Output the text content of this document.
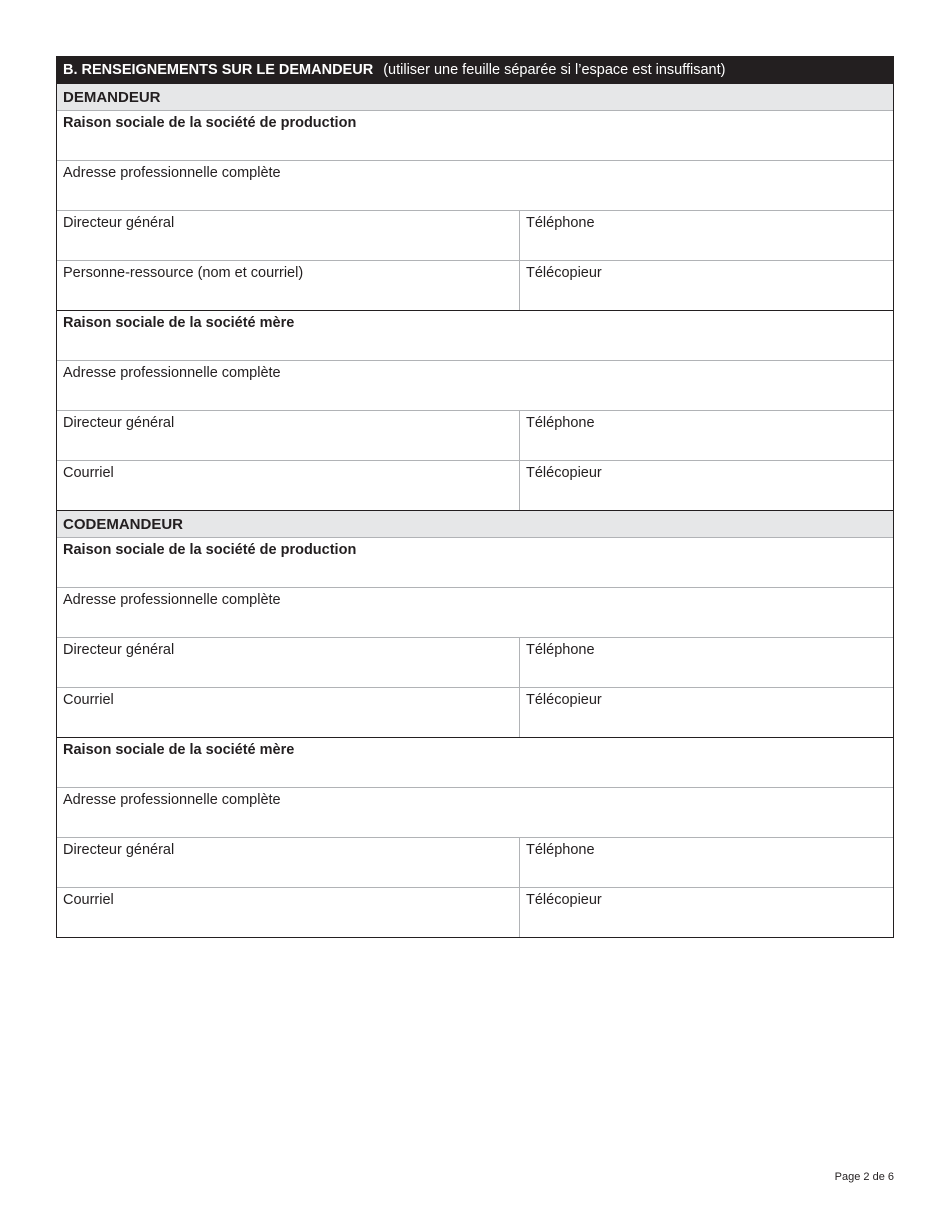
B. RENSEIGNEMENTS SUR LE DEMANDEUR (utiliser une feuille séparée si l’espace est insuffisant)
DEMANDEUR
Raison sociale de la société de production
Adresse professionnelle complète
Directeur général	Téléphone
Personne-ressource (nom et courriel)	Télécopieur
Raison sociale de la société mère
Adresse professionnelle complète
Directeur général	Téléphone
Courriel	Télécopieur
CODEMANDEUR
Raison sociale de la société de production
Adresse professionnelle complète
Directeur général	Téléphone
Courriel	Télécopieur
Raison sociale de la société mère
Adresse professionnelle complète
Directeur général	Téléphone
Courriel	Télécopieur
Page 2 de 6
